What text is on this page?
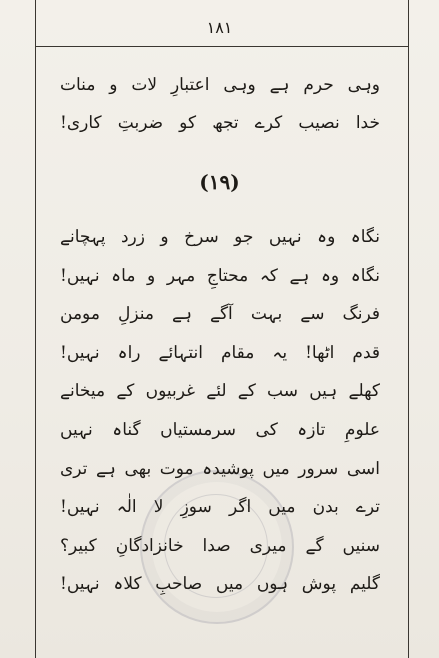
۱۸۱
وہی حرم ہے وہی اعتبارِ لات و منات
خدا نصیب کرے تجھ کو ضربتِ کاری!
(۱۹)
نگاہ وہ نہیں جو سرخ و زرد پہچانے
نگاہ وہ ہے کہ محتاجِ مہر و ماہ نہیں!
فرنگ سے بہت آگے ہے منزلِ مومن
قدم اٹھا! یہ مقام انتہائے راہ نہیں!
کھلے ہیں سب کے لئے غربیوں کے میخانے
علومِ تازہ کی سرمستیاں گناہ نہیں
اسی سرور میں پوشیدہ موت بھی ہے تری
ترے بدن میں اگر سوزِ لا الٰہ نہیں!
سنیں گے میری صدا خانزادگانِ کبیر؟
گلیم پوش ہوں میں صاحبِ کلاہ نہیں!
